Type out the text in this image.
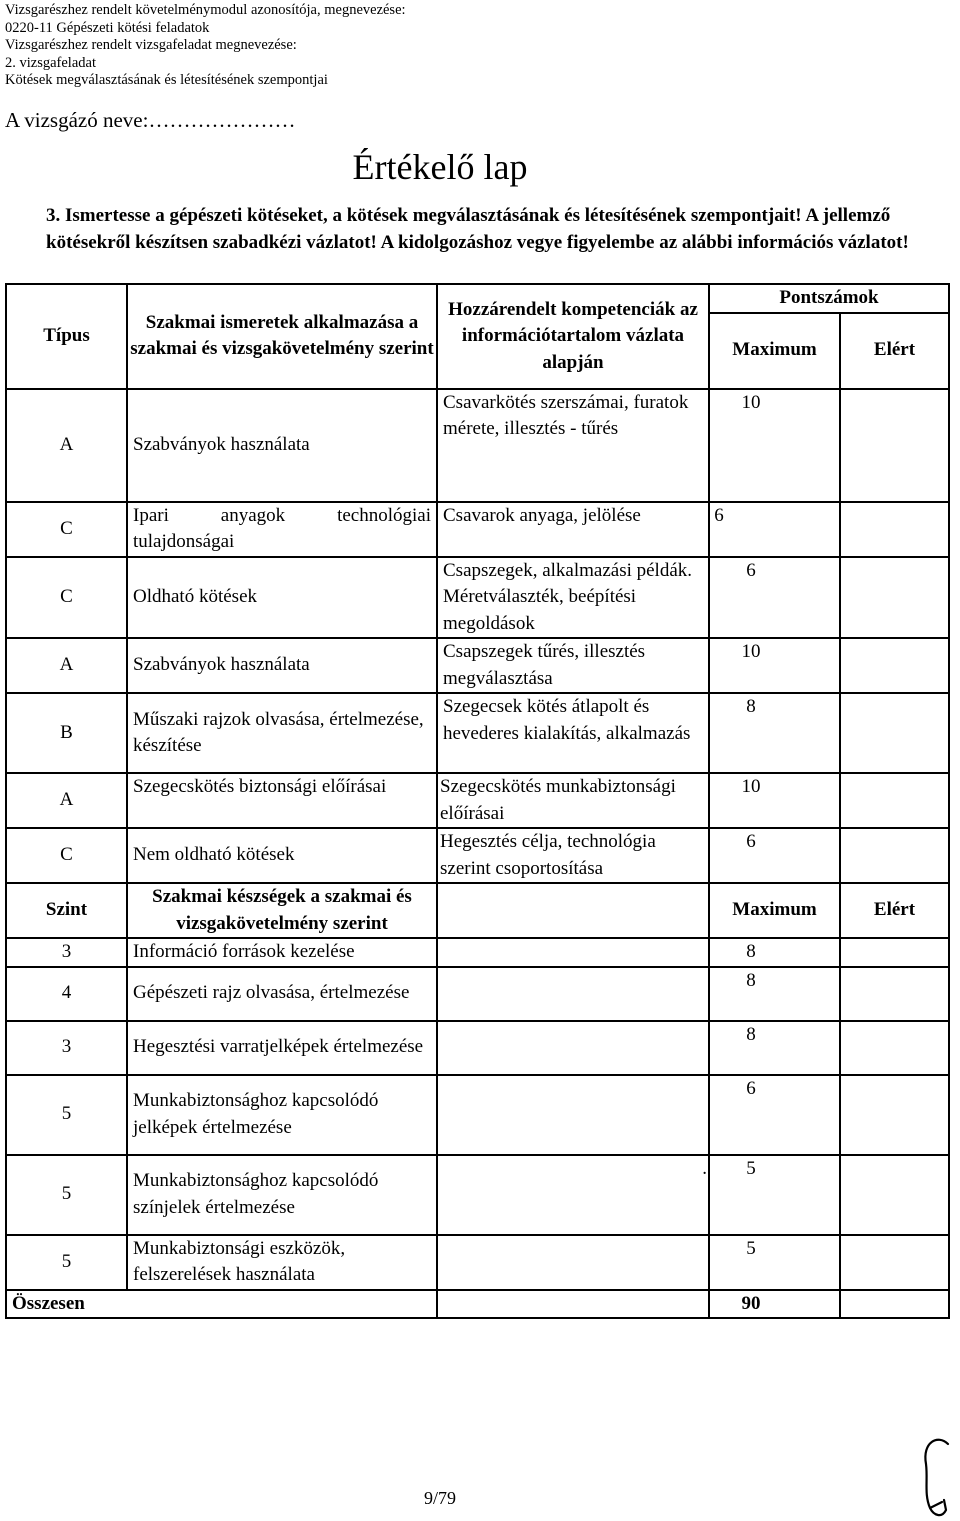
Vizsgarészhez rendelt követelménymodul azonosítója, megnevezése:
0220-11 Gépészeti kötési feladatok
Vizsgarészhez rendelt vizsgafeladat megnevezése:
2. vizsgafeladat
Kötések megválasztásának és létesítésének szempontjai
A vizsgázó neve:…………………
Értékelő lap
3. Ismertesse a gépészeti kötéseket, a kötések megválasztásának és létesítésének szempontjait! A jellemző kötésekről készítsen szabadkézi vázlatot! A kidolgozáshoz vegye figyelembe az alábbi információs vázlatot!
Típus	Szakmai ismeretek alkalmazása a szakmai és vizsgakövetelmény szerint	Hozzárendelt kompetenciák az információtartalom vázlata alapján	Pontszámok	
			Maximum	Elért
A	Szabványok használata	Csavarkötés szerszámai, furatok mérete, illesztés - tűrés	10	

C	Ipari anyagok technológiai tulajdonságai	Csavarok anyaga, jelölése	6	

C	Oldható kötések	Csapszegek, alkalmazási példák. Méretválaszték, beépítési megoldások	6	

A	Szabványok használata	Csapszegek tűrés, illesztés megválasztása	10	

B	Műszaki rajzok olvasása, értelmezése, készítése	Szegecsek kötés átlapolt és hevederes kialakítás, alkalmazás	8	

A	Szegecskötés biztonsági előírásai	Szegecskötés munkabiztonsági előírásai	10	

C	Nem oldható kötések	Hegesztés célja, technológia szerint csoportosítása	6	

Szint	Szakmai készségek a szakmai és vizsgakövetelmény szerint		Maximum	Elért
3	Információ források kezelése		8	

4	Gépészeti rajz olvasása, értelmezése		8	

3	Hegesztési varratjelképek értelmezése		8	

5	Munkabiztonsághoz kapcsolódó jelképek értelmezése		6	

5	Munkabiztonsághoz kapcsolódó színjelek értelmezése	.	5	

5	Munkabiztonsági eszközök, felszerelések használata		5	

Összesen			90	

9/79
